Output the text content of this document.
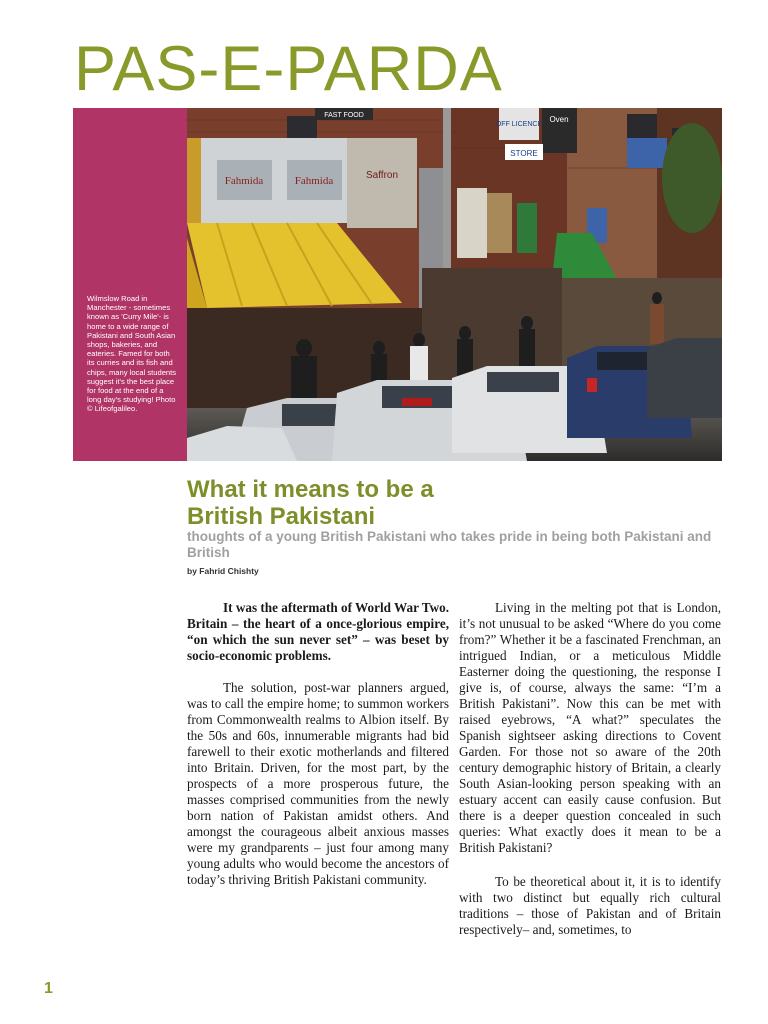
PAS-E-PARDA
Wilmslow Road in Manchester - sometimes known as 'Curry Mile'- is home to a wide range of Pakistani and South Asian shops, bakeries, and eateries. Famed for both its curries and its fish and chips, many local students suggest it's the best place for food at the end of a long day's studying! Photo © Lifeofgalileo.
Fahmida	Fahmida	Saffron
FAST FOOD
OFF LICENCE
Oven
STORE
What it means to be a
British Pakistani

thoughts of a young British Pakistani who takes pride in being both Pakistani and British

by Fahrid Chishty

It was the aftermath of World War Two. Britain – the heart of a once-glorious empire, “on which the sun never set” – was beset by socio-economic problems.

The solution, post-war planners argued, was to call the empire home; to summon workers from Commonwealth realms to Albion itself. By the 50s and 60s, innumerable migrants had bid farewell to their exotic motherlands and filtered into Britain. Driven, for the most part, by the prospects of a more prosperous future, the masses comprised communities from the newly born nation of Pakistan amidst others. And amongst the courageous albeit anxious masses were my grandparents – just four among many young adults who would become the ancestors of today’s thriving British Pakistani community.

Living in the melting pot that is London, it’s not unusual to be asked “Where do you come from?” Whether it be a fascinated Frenchman, an intrigued Indian, or a meticulous Middle Easterner doing the questioning, the response I give is, of course, always the same: “I’m a British Pakistani”. Now this can be met with raised eyebrows, “A what?” speculates the Spanish sightseer asking directions to Covent Garden. For those not so aware of the 20th century demographic history of Britain, a clearly South Asian-looking person speaking with an estuary accent can easily cause confusion. But there is a deeper question concealed in such queries: What exactly does it mean to be a British Pakistani?

To be theoretical about it, it is to identify with two distinct but equally rich cultural traditions – those of Pakistan and of Britain respectively– and, sometimes, to

1
